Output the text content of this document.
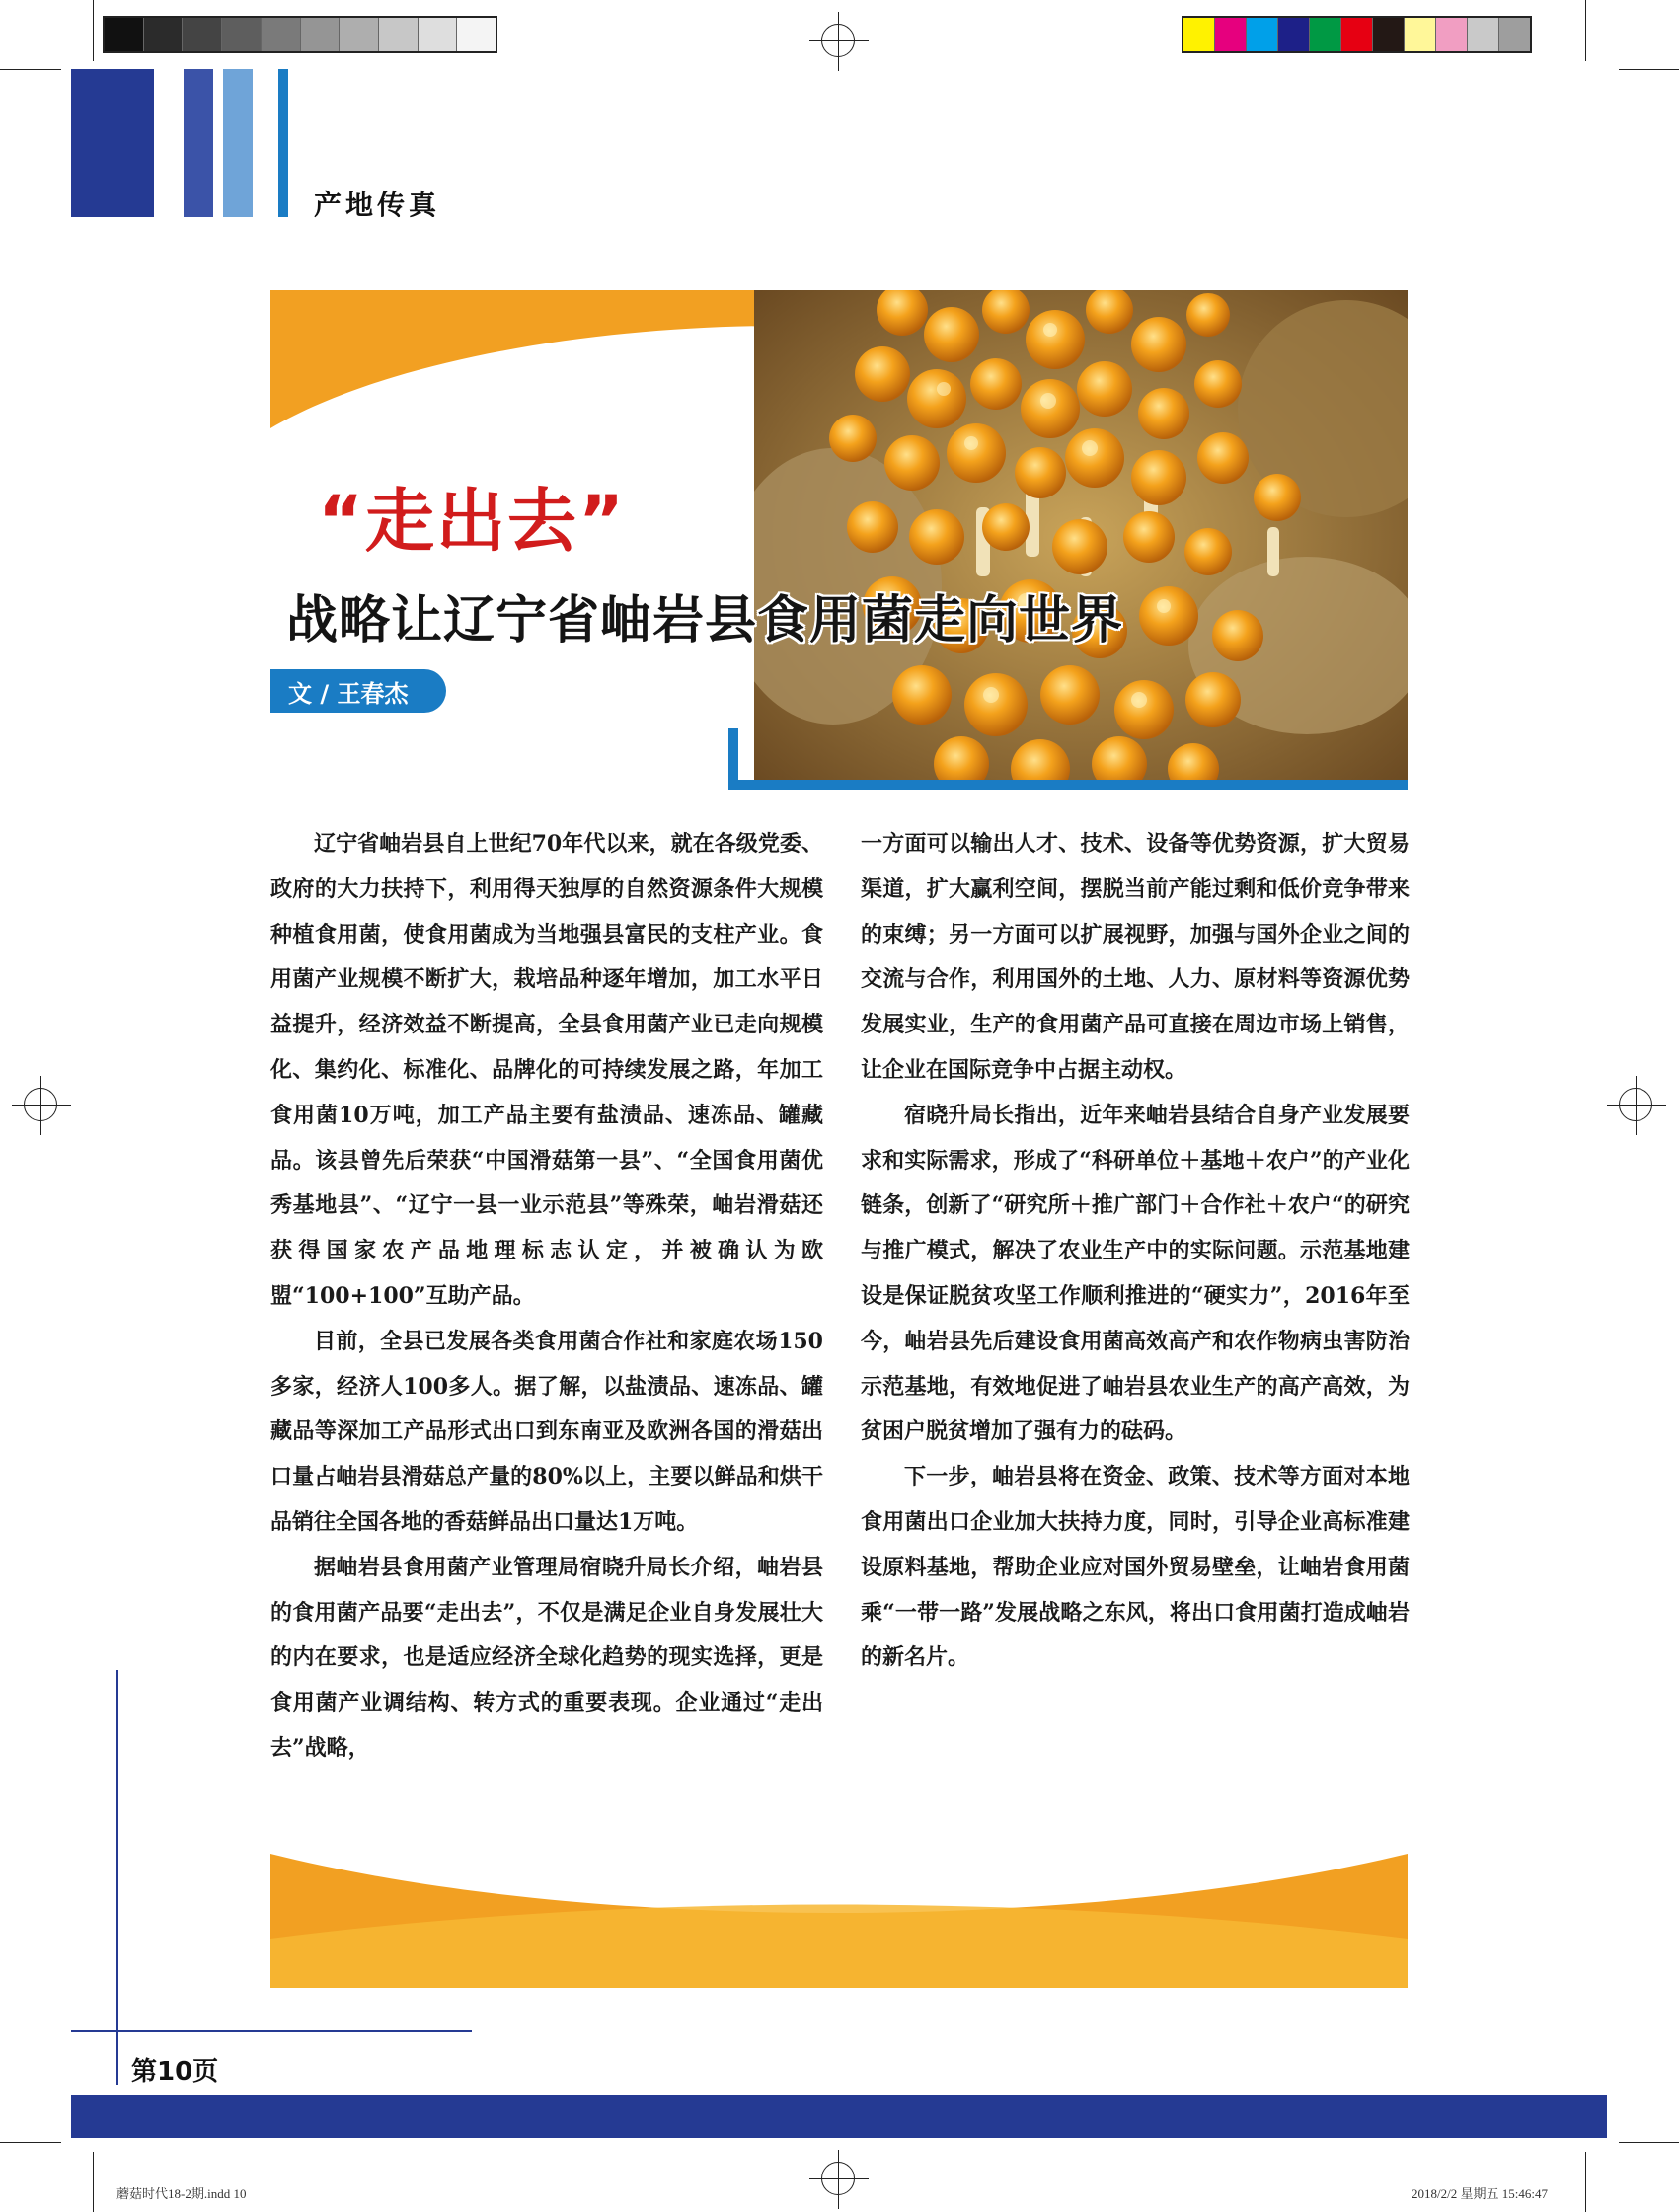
产地传真
“走出去”
战略让辽宁省岫岩县食用菌走向世界
文 / 王春杰

辽宁省岫岩县自上世纪70年代以来，就在各级党委、政府的大力扶持下，利用得天独厚的自然资源条件大规模种植食用菌，使食用菌成为当地强县富民的支柱产业。食用菌产业规模不断扩大，栽培品种逐年增加，加工水平日益提升，经济效益不断提高，全县食用菌产业已走向规模化、集约化、标准化、品牌化的可持续发展之路，年加工食用菌10万吨，加工产品主要有盐渍品、速冻品、罐藏品。该县曾先后荣获“中国滑菇第一县”、“全国食用菌优秀基地县”、“辽宁一县一业示范县”等殊荣，岫岩滑菇还获得国家农产品地理标志认定，并被确认为欧盟“100+100”互助产品。

目前，全县已发展各类食用菌合作社和家庭农场150多家，经济人100多人。据了解，以盐渍品、速冻品、罐藏品等深加工产品形式出口到东南亚及欧洲各国的滑菇出口量占岫岩县滑菇总产量的80%以上，主要以鲜品和烘干品销往全国各地的香菇鲜品出口量达1万吨。

据岫岩县食用菌产业管理局宿晓升局长介绍，岫岩县的食用菌产品要“走出去”，不仅是满足企业自身发展壮大的内在要求，也是适应经济全球化趋势的现实选择，更是食用菌产业调结构、转方式的重要表现。企业通过“走出去”战略，

一方面可以输出人才、技术、设备等优势资源，扩大贸易渠道，扩大赢利空间，摆脱当前产能过剩和低价竞争带来的束缚；另一方面可以扩展视野，加强与国外企业之间的交流与合作，利用国外的土地、人力、原材料等资源优势发展实业，生产的食用菌产品可直接在周边市场上销售，让企业在国际竞争中占据主动权。

宿晓升局长指出，近年来岫岩县结合自身产业发展要求和实际需求，形成了“科研单位＋基地＋农户”的产业化链条，创新了“研究所＋推广部门＋合作社＋农户“的研究与推广模式，解决了农业生产中的实际问题。示范基地建设是保证脱贫攻坚工作顺利推进的“硬实力”，2016年至今，岫岩县先后建设食用菌高效高产和农作物病虫害防治示范基地，有效地促进了岫岩县农业生产的高产高效，为贫困户脱贫增加了强有力的砝码。

下一步，岫岩县将在资金、政策、技术等方面对本地食用菌出口企业加大扶持力度，同时，引导企业高标准建设原料基地，帮助企业应对国外贸易壁垒，让岫岩食用菌乘“一带一路”发展战略之东风，将出口食用菌打造成岫岩的新名片。

第10页
蘑菇时代18-2期.indd 10	2018/2/2 星期五 15:46:47
